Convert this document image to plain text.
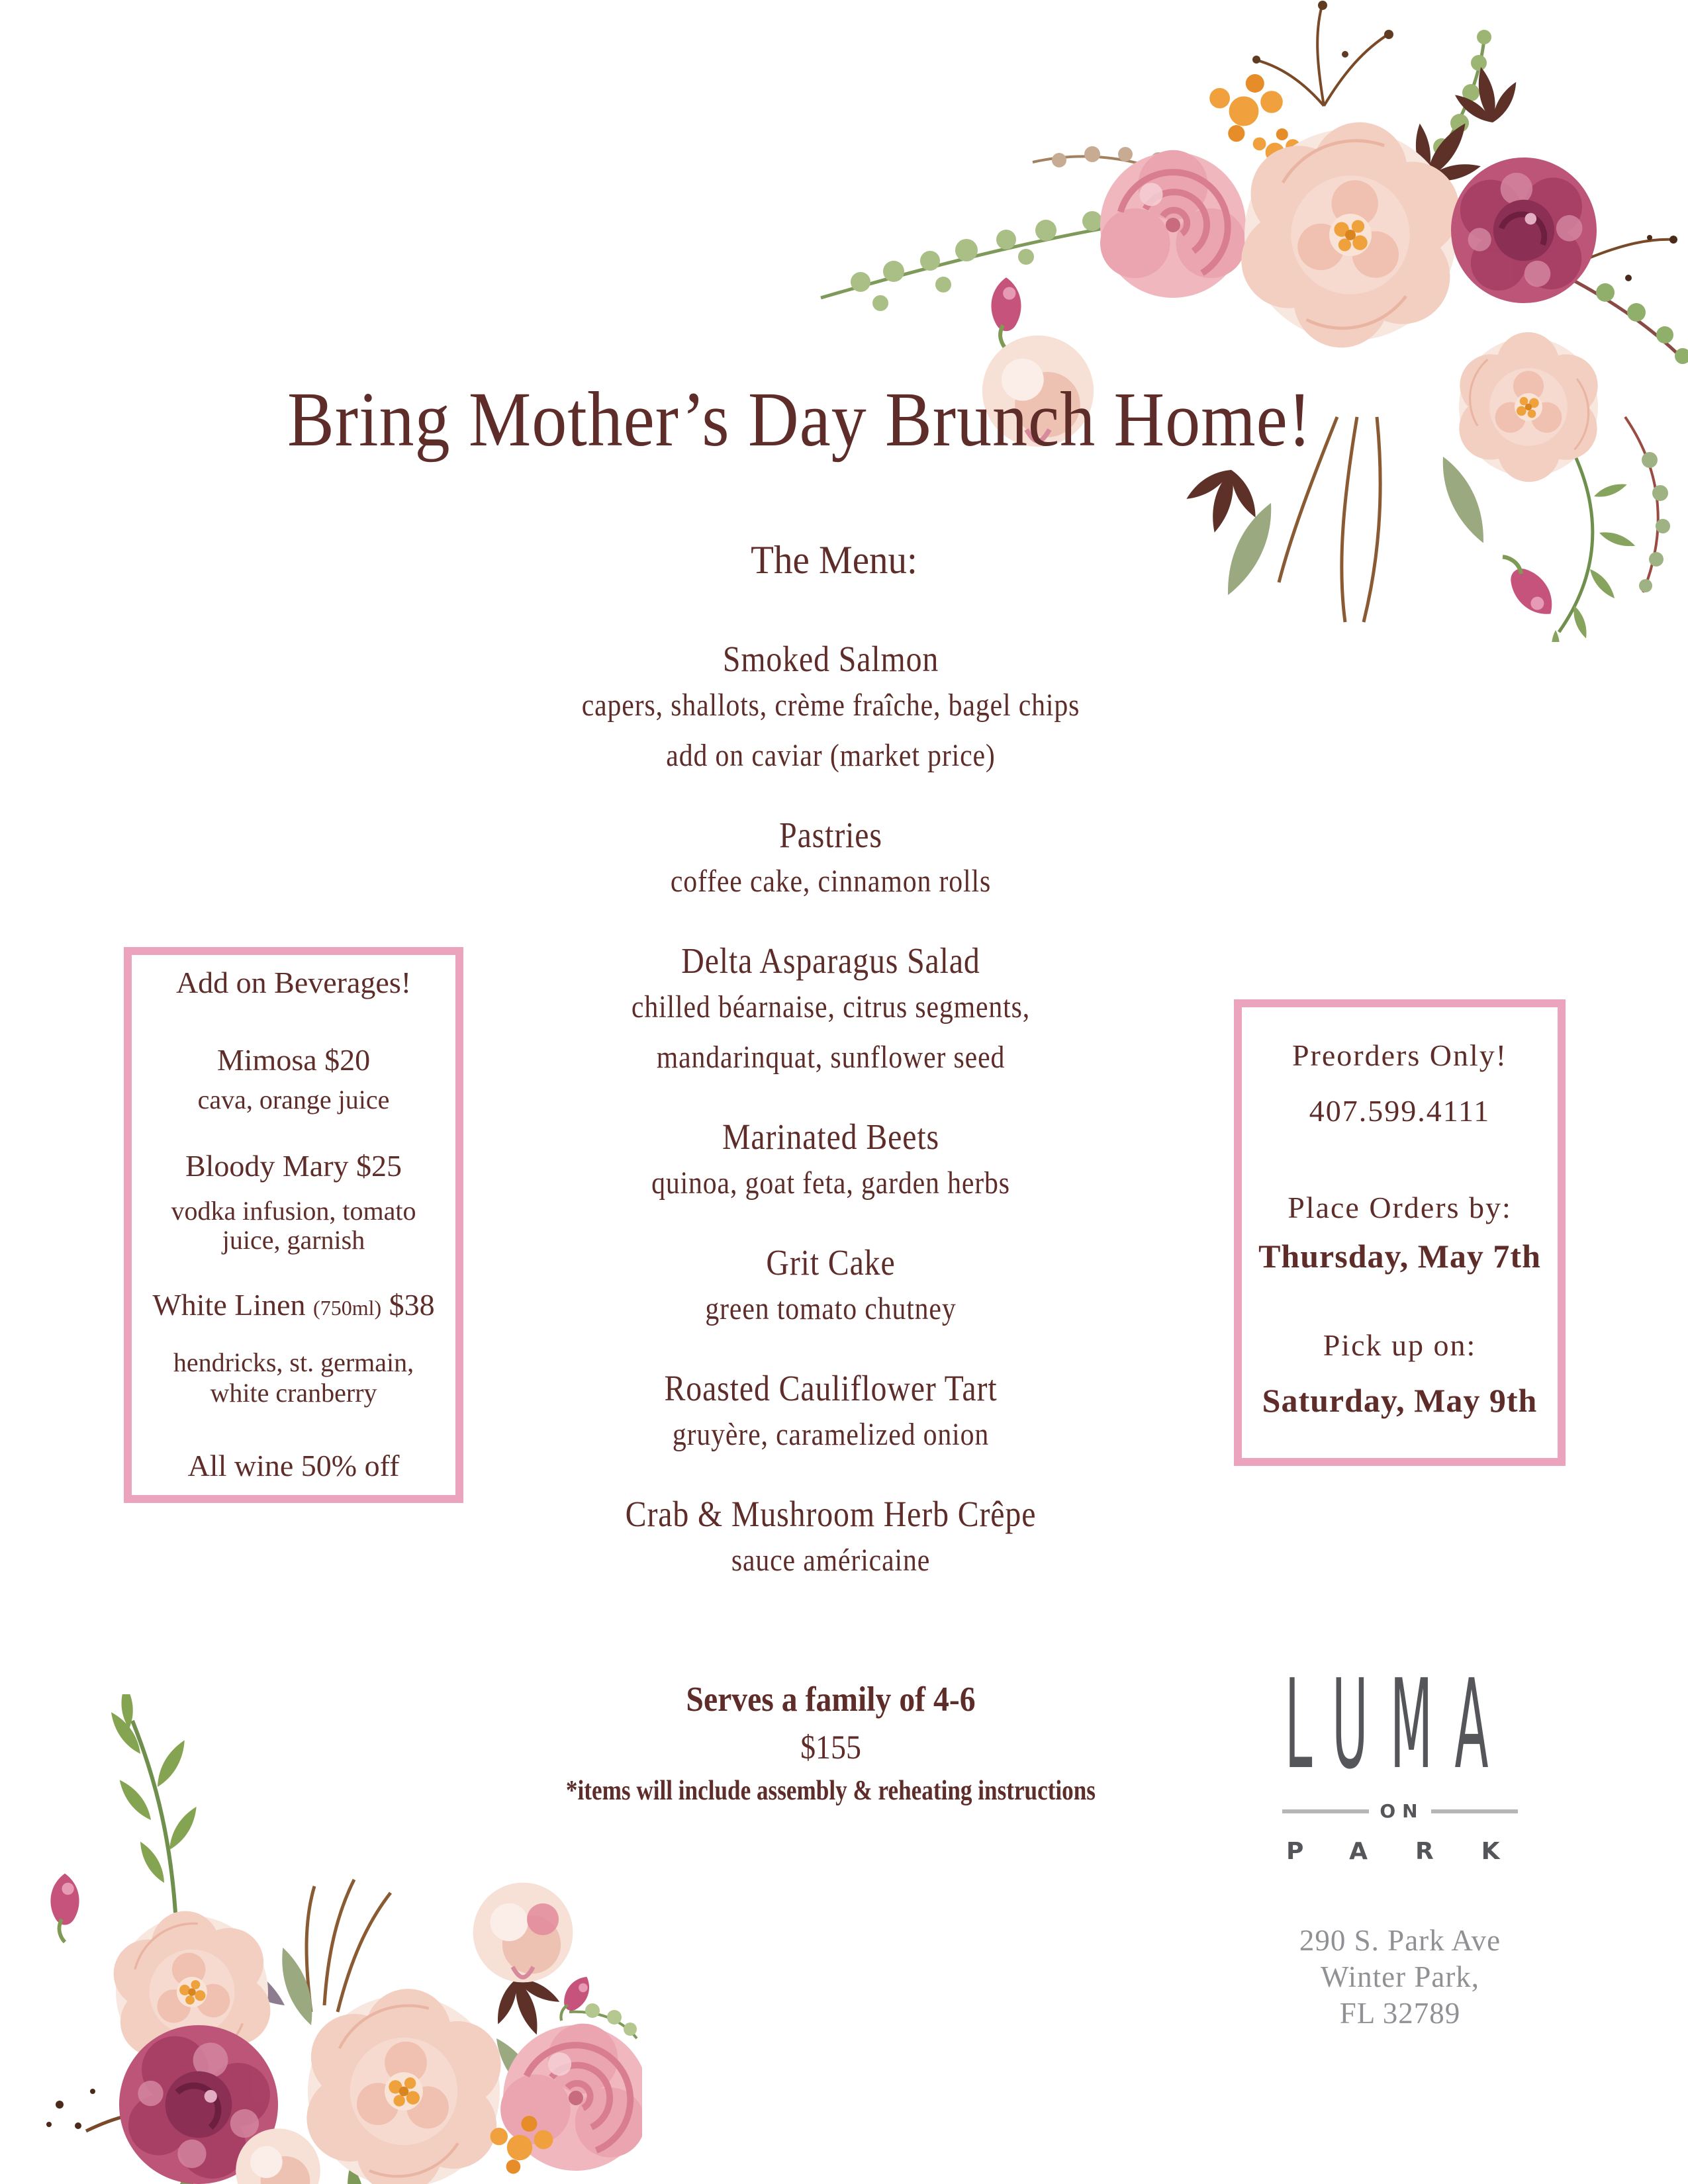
Bring Mother’s Day Brunch Home!
The Menu:
Smoked Salmon
capers, shallots, crème fraîche, bagel chips
add on caviar (market price)
Pastries
coffee cake, cinnamon rolls
Delta Asparagus Salad
chilled béarnaise, citrus segments,
mandarinquat, sunflower seed
Marinated Beets
quinoa, goat feta, garden herbs
Grit Cake
green tomato chutney
Roasted Cauliflower Tart
gruyère, caramelized onion
Crab & Mushroom Herb Crêpe
sauce américaine
Add on Beverages!
Mimosa $20
cava, orange juice
Bloody Mary $25
vodka infusion, tomato
juice, garnish
White Linen (750ml) $38
hendricks, st. germain,
white cranberry
All wine 50% off
Preorders Only!
407.599.4111
Place Orders by:
Thursday, May 7th
Pick up on:
Saturday, May 9th
Serves a family of 4-6
$155
*items will include assembly & reheating instructions	LUMA
ON
PARK
290 S. Park Ave
Winter Park,
FL 32789
